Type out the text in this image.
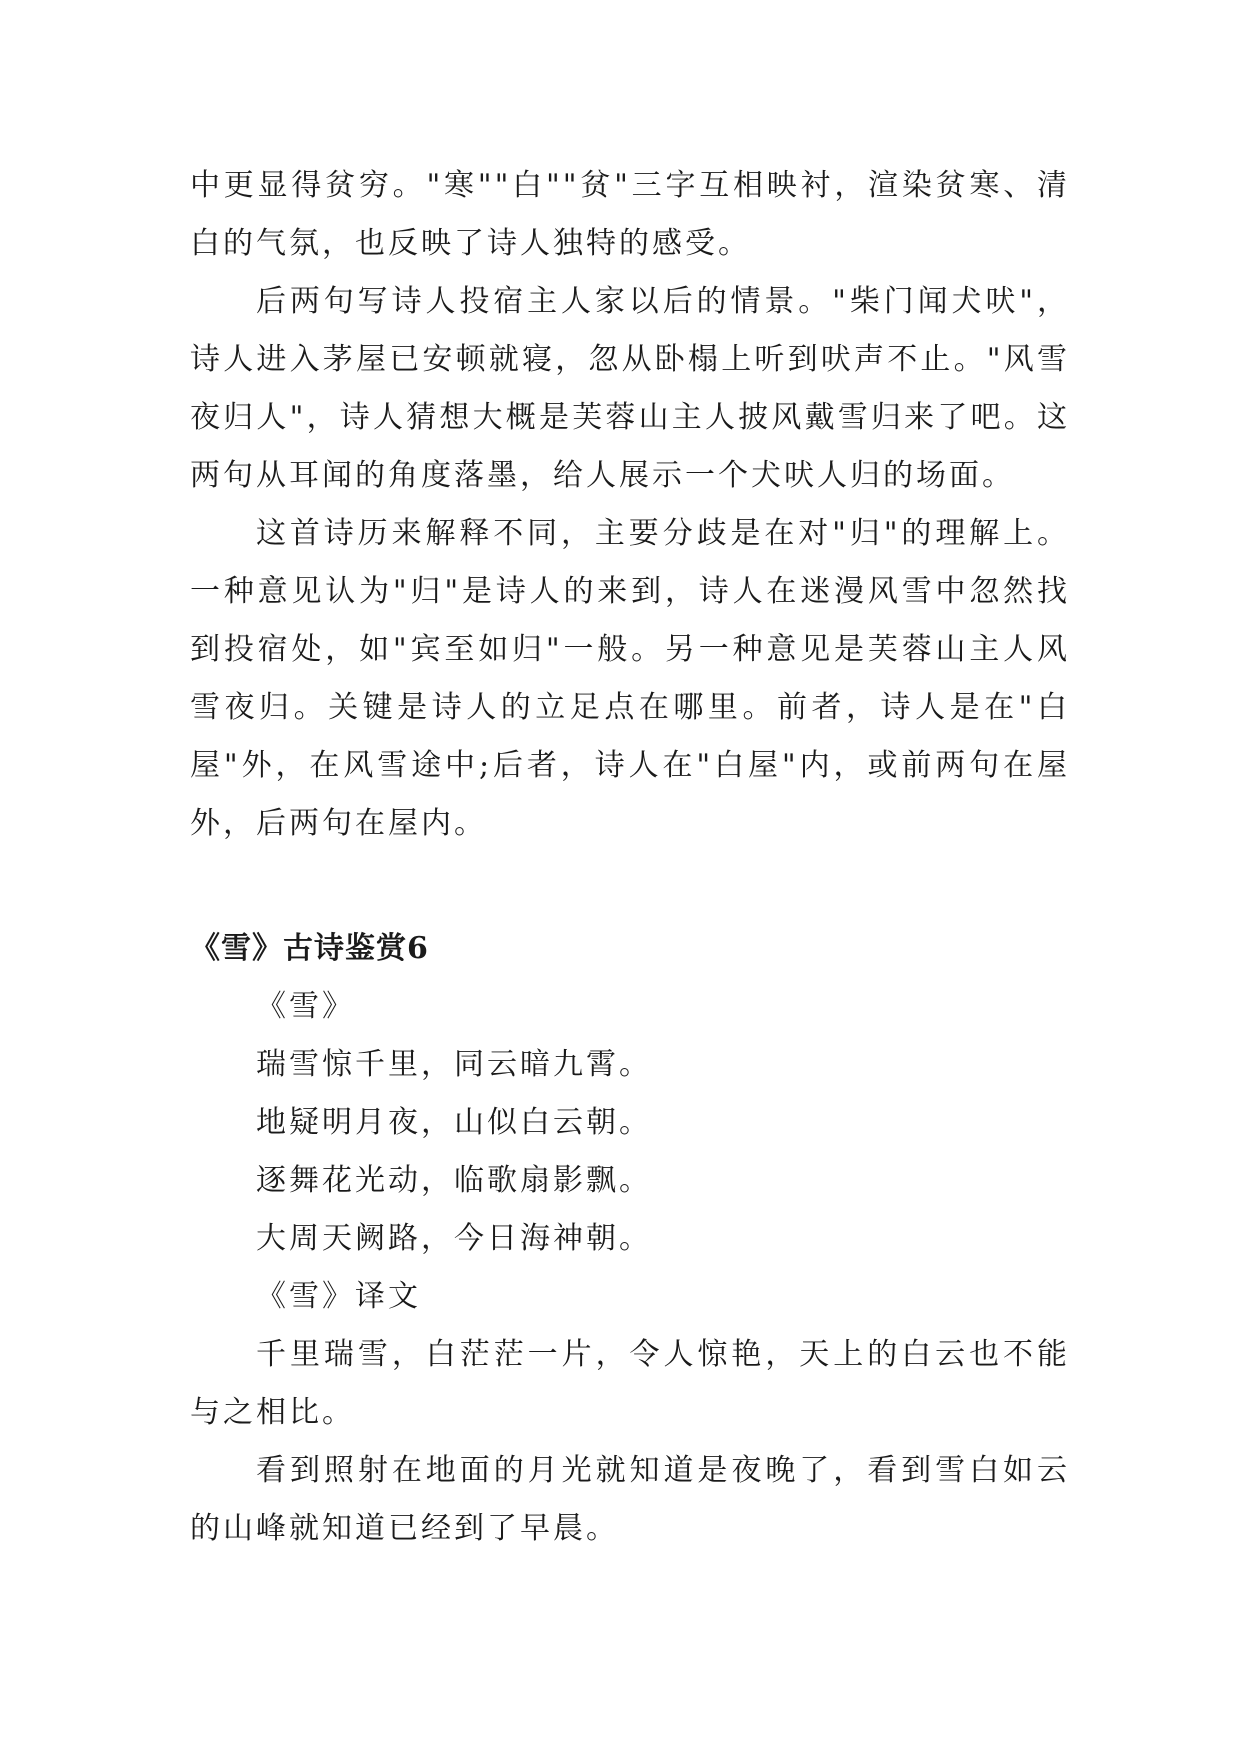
中更显得贫穷。"寒""白""贫"三字互相映衬，渲染贫寒、清白的气氛，也反映了诗人独特的感受。

后两句写诗人投宿主人家以后的情景。"柴门闻犬吠"，诗人进入茅屋已安顿就寝，忽从卧榻上听到吠声不止。"风雪夜归人"，诗人猜想大概是芙蓉山主人披风戴雪归来了吧。这两句从耳闻的角度落墨，给人展示一个犬吠人归的场面。

这首诗历来解释不同，主要分歧是在对"归"的理解上。一种意见认为"归"是诗人的来到，诗人在迷漫风雪中忽然找到投宿处，如"宾至如归"一般。另一种意见是芙蓉山主人风雪夜归。关键是诗人的立足点在哪里。前者，诗人是在"白屋"外，在风雪途中;后者，诗人在"白屋"内，或前两句在屋外，后两句在屋内。

《雪》古诗鉴赏6

《雪》

瑞雪惊千里，同云暗九霄。

地疑明月夜，山似白云朝。

逐舞花光动，临歌扇影飘。

大周天阙路，今日海神朝。

《雪》译文

千里瑞雪，白茫茫一片，令人惊艳，天上的白云也不能与之相比。

看到照射在地面的月光就知道是夜晚了，看到雪白如云的山峰就知道已经到了早晨。
